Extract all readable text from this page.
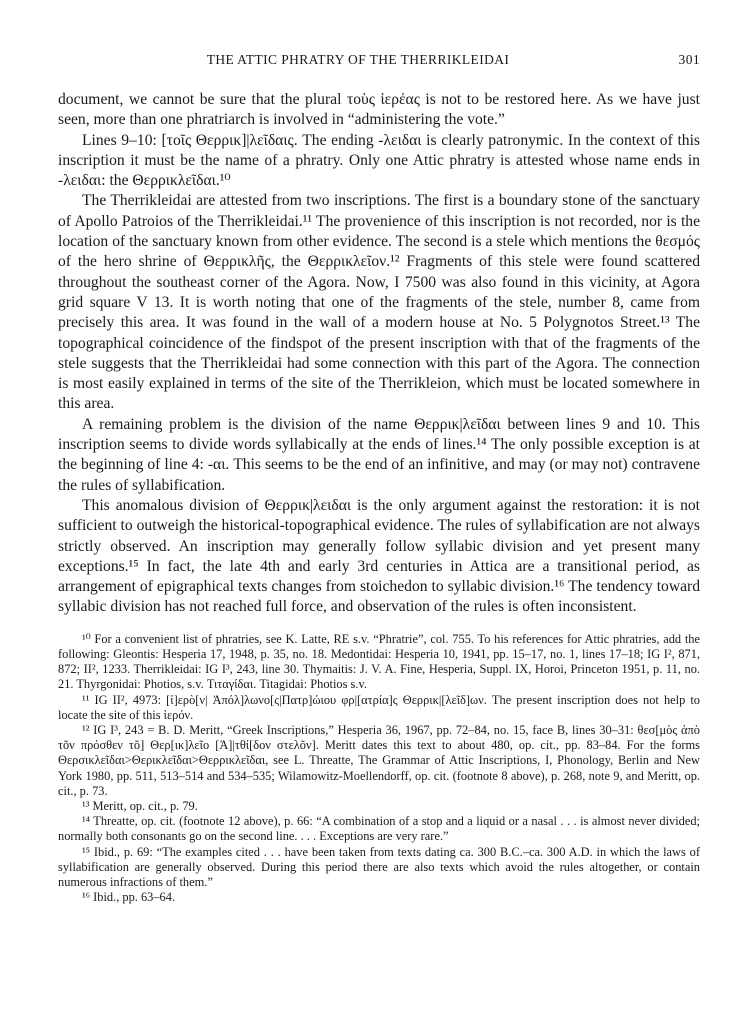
THE ATTIC PHRATRY OF THE THERRIKLEIDAI	301

document, we cannot be sure that the plural τοὺς ἱερέας is not to be restored here. As we have just seen, more than one phratriarch is involved in “administering the vote.”

Lines 9–10: [τοῖς Θερρικ]|λεῖδαις. The ending -λειδαι is clearly patronymic. In the context of this inscription it must be the name of a phratry. Only one Attic phratry is attested whose name ends in -λειδαι: the Θερρικλεῖδαι.¹⁰

The Therrikleidai are attested from two inscriptions. The first is a boundary stone of the sanctuary of Apollo Patroios of the Therrikleidai.¹¹ The provenience of this inscription is not recorded, nor is the location of the sanctuary known from other evidence. The second is a stele which mentions the θεσμός of the hero shrine of Θερρικλῆς, the Θερρικλεῖον.¹² Fragments of this stele were found scattered throughout the southeast corner of the Agora. Now, I 7500 was also found in this vicinity, at Agora grid square V 13. It is worth noting that one of the fragments of the stele, number 8, came from precisely this area. It was found in the wall of a modern house at No. 5 Polygnotos Street.¹³ The topographical coincidence of the findspot of the present inscription with that of the fragments of the stele suggests that the Therrikleidai had some connection with this part of the Agora. The connection is most easily explained in terms of the site of the Therrikleion, which must be located somewhere in this area.

A remaining problem is the division of the name Θερρικ|λεῖδαι between lines 9 and 10. This inscription seems to divide words syllabically at the ends of lines.¹⁴ The only possible exception is at the beginning of line 4: -αι. This seems to be the end of an infinitive, and may (or may not) contravene the rules of syllabification.

This anomalous division of Θερρικ|λειδαι is the only argument against the restoration: it is not sufficient to outweigh the historical-topographical evidence. The rules of syllabification are not always strictly observed. An inscription may generally follow syllabic division and yet present many exceptions.¹⁵ In fact, the late 4th and early 3rd centuries in Attica are a transitional period, as arrangement of epigraphical texts changes from stoichedon to syllabic division.¹⁶ The tendency toward syllabic division has not reached full force, and observation of the rules is often inconsistent.

¹⁰ For a convenient list of phratries, see K. Latte, RE s.v. “Phratrie”, col. 755. To his references for Attic phratries, add the following: Gleontis: Hesperia 17, 1948, p. 35, no. 18. Medontidai: Hesperia 10, 1941, pp. 15–17, no. 1, lines 17–18; IG I², 871, 872; II², 1233. Therrikleidai: IG I³, 243, line 30. Thymaitis: J. V. A. Fine, Hesperia, Suppl. IX, Horoi, Princeton 1951, p. 11, no. 21. Thyrgonidai: Photios, s.v. Τιταγίδαι. Titagidai: Photios s.v.

¹¹ IG II², 4973: [ἱ]ερὸ[ν| Ἀπόλ]λωνο[ς|Πατρ]ώιου φρ|[ατρία]ς Θερρικ|[λεῖδ]ων. The present inscription does not help to locate the site of this ἱερόν.

¹² IG I³, 243 = B. D. Meritt, “Greek Inscriptions,” Hesperia 36, 1967, pp. 72–84, no. 15, face B, lines 30–31: θεσ[μὸς ἀπὸ τõν πρόσθεν τõ] Θερ[ικ]λεῖο [Ἀ]|τθί[δον στελõν]. Meritt dates this text to about 480, op. cit., pp. 83–84. For the forms Θερσικλεῖδαι>Θερικλεῖδαι>Θερρικλεῖδαι, see L. Threatte, The Grammar of Attic Inscriptions, I, Phonology, Berlin and New York 1980, pp. 511, 513–514 and 534–535; Wilamowitz-Moellendorff, op. cit. (footnote 8 above), p. 268, note 9, and Meritt, op. cit., p. 73.

¹³ Meritt, op. cit., p. 79.

¹⁴ Threatte, op. cit. (footnote 12 above), p. 66: “A combination of a stop and a liquid or a nasal . . . is almost never divided; normally both consonants go on the second line. . . . Exceptions are very rare.”

¹⁵ Ibid., p. 69: “The examples cited . . . have been taken from texts dating ca. 300 B.C.–ca. 300 A.D. in which the laws of syllabification are generally observed. During this period there are also texts which avoid the rules altogether, or contain numerous infractions of them.”

¹⁶ Ibid., pp. 63–64.
